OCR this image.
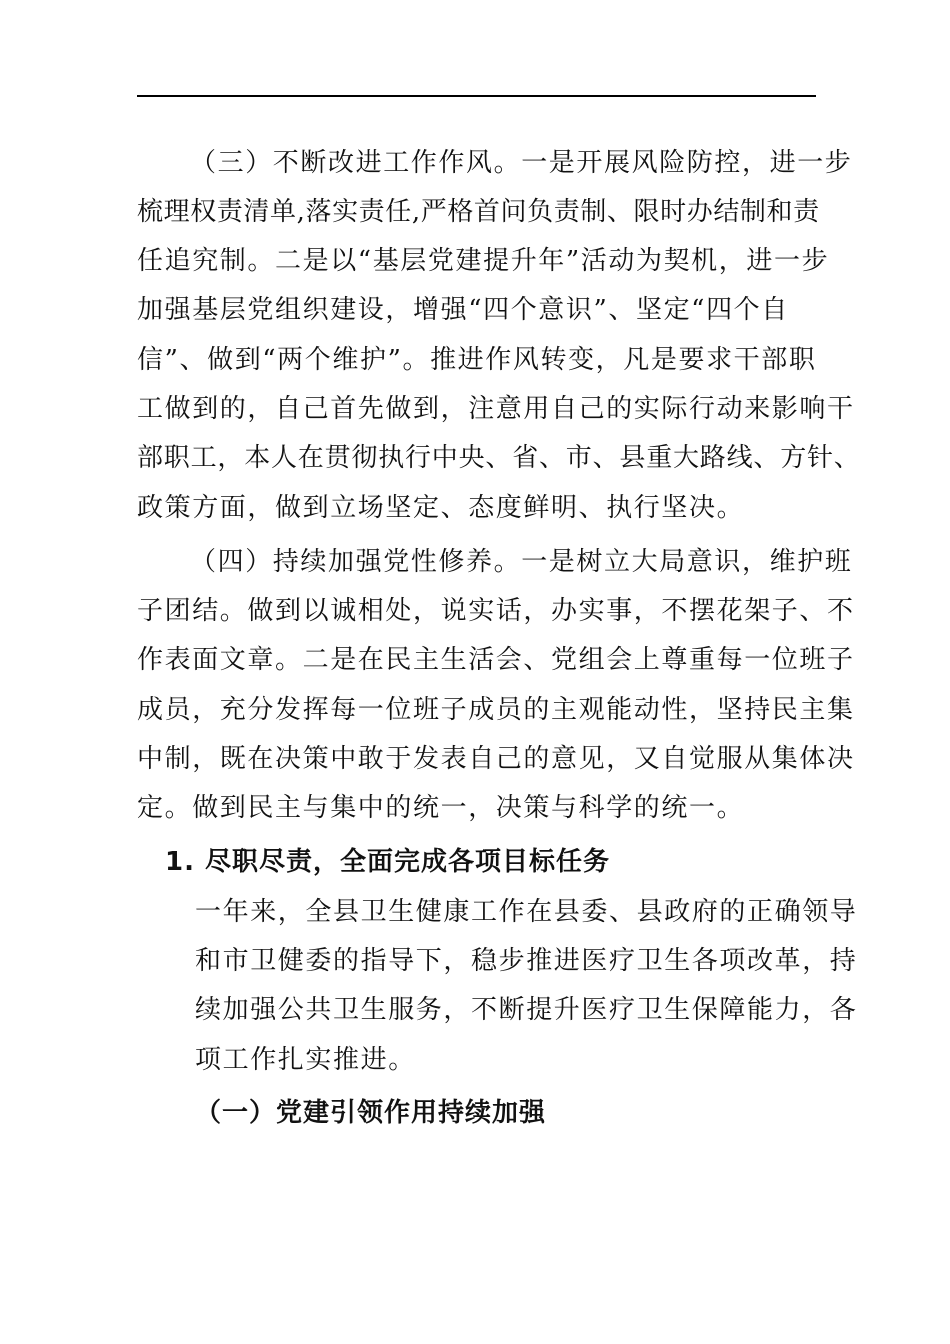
（三）不断改进工作作风。一是开展风险防控，进一步
梳理权责清单,落实责任,严格首问负责制、限时办结制和责
任追究制。二是以“基层党建提升年”活动为契机，进一步
加强基层党组织建设，增强“四个意识”、坚定“四个自
信”、做到“两个维护”。推进作风转变，凡是要求干部职
工做到的，自己首先做到，注意用自己的实际行动来影响干
部职工，本人在贯彻执行中央、省、市、县重大路线、方针、
政策方面，做到立场坚定、态度鲜明、执行坚决。
（四）持续加强党性修养。一是树立大局意识，维护班
子团结。做到以诚相处，说实话，办实事，不摆花架子、不
作表面文章。二是在民主生活会、党组会上尊重每一位班子
成员，充分发挥每一位班子成员的主观能动性，坚持民主集
中制，既在决策中敢于发表自己的意见，又自觉服从集体决
定。做到民主与集中的统一，决策与科学的统一。
1. 尽职尽责，全面完成各项目标任务
一年来，全县卫生健康工作在县委、县政府的正确领导
和市卫健委的指导下，稳步推进医疗卫生各项改革，持
续加强公共卫生服务，不断提升医疗卫生保障能力，各
项工作扎实推进。
（一）党建引领作用持续加强
